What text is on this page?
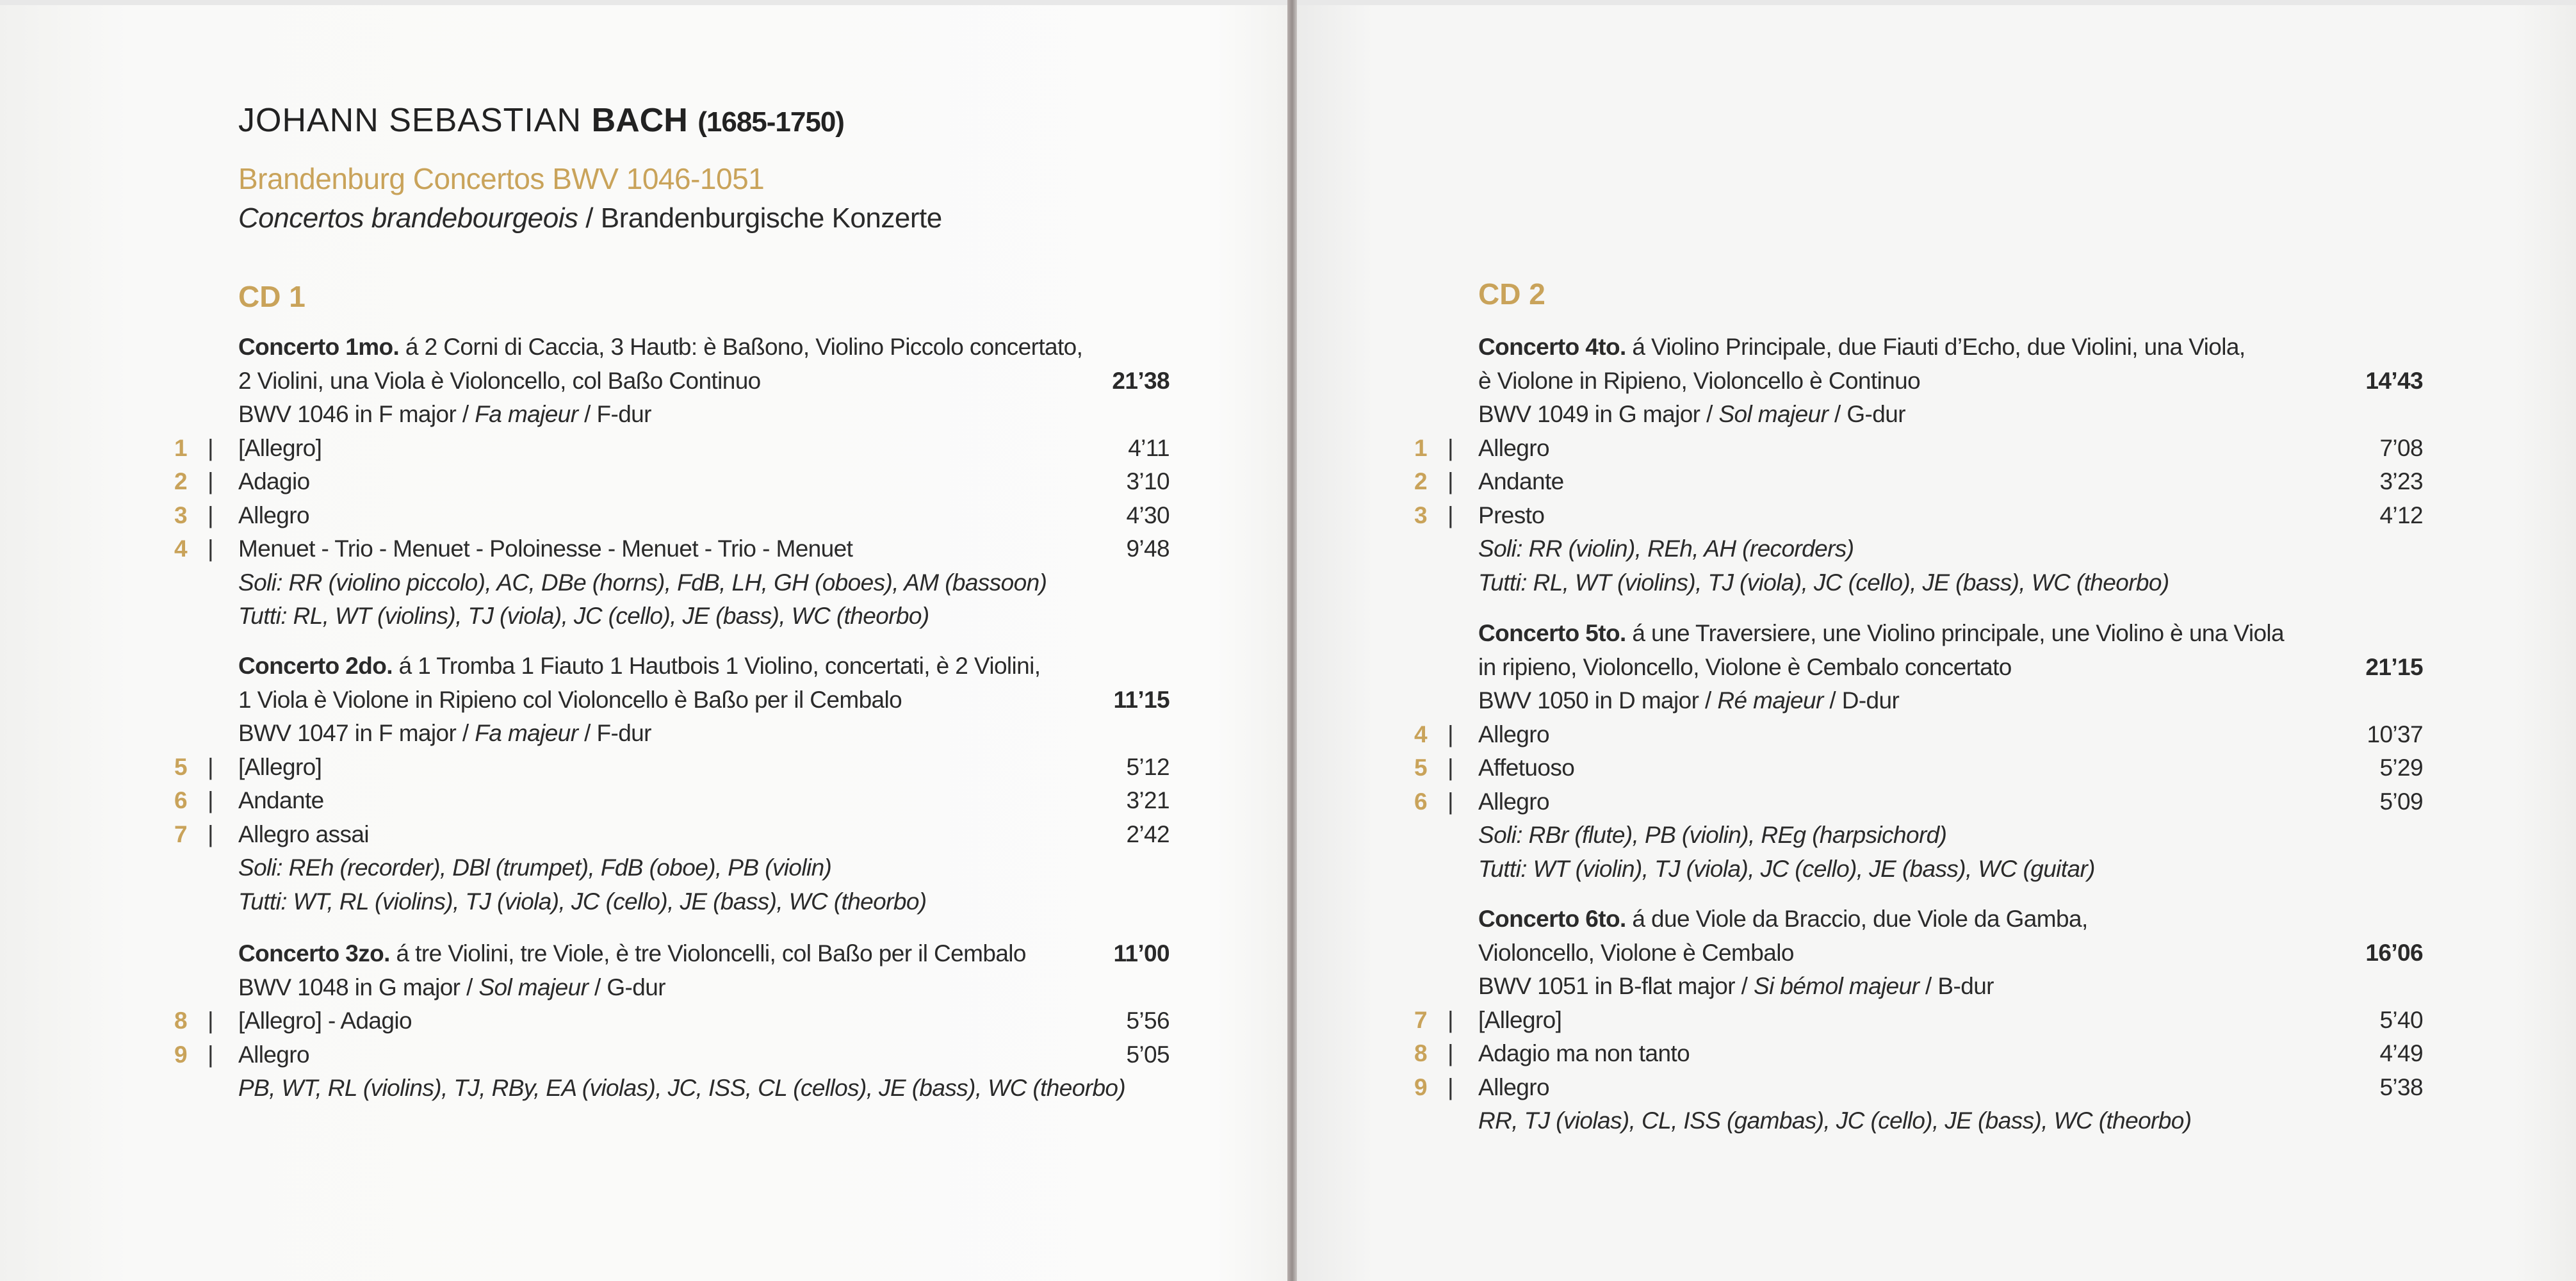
JOHANN SEBASTIAN BACH (1685-1750)
Brandenburg Concertos BWV 1046-1051
Concertos brandebourgeois / Brandenburgische Konzerte
CD 1
Concerto 1mo. á 2 Corni di Caccia, 3 Hautb: è Baßono, Violino Piccolo concertato,
2 Violini, una Viola è Violoncello, col Baßo Continuo	21’38
BWV 1046 in F major / Fa majeur / F-dur
1 | [Allegro]	4’11
2 | Adagio	3’10
3 | Allegro	4’30
4 | Menuet - Trio - Menuet - Poloinesse - Menuet - Trio - Menuet	9’48
Soli: RR (violino piccolo), AC, DBe (horns), FdB, LH, GH (oboes), AM (bassoon)
Tutti: RL, WT (violins), TJ (viola), JC (cello), JE (bass), WC (theorbo)
Concerto 2do. á 1 Tromba 1 Fiauto 1 Hautbois 1 Violino, concertati, è 2 Violini,
1 Viola è Violone in Ripieno col Violoncello è Baßo per il Cembalo	11’15
BWV 1047 in F major / Fa majeur / F-dur
5 | [Allegro]	5’12
6 | Andante	3’21
7 | Allegro assai	2’42
Soli: REh (recorder), DBl (trumpet), FdB (oboe), PB (violin)
Tutti: WT, RL (violins), TJ (viola), JC (cello), JE (bass), WC (theorbo)
Concerto 3zo. á tre Violini, tre Viole, è tre Violoncelli, col Baßo per il Cembalo	11’00
BWV 1048 in G major / Sol majeur / G-dur
8 | [Allegro] - Adagio	5’56
9 | Allegro	5’05
PB, WT, RL (violins), TJ, RBy, EA (violas), JC, ISS, CL (cellos), JE (bass), WC (theorbo)
CD 2
Concerto 4to. á Violino Principale, due Fiauti d’Echo, due Violini, una Viola,
è Violone in Ripieno, Violoncello è Continuo	14’43
BWV 1049 in G major / Sol majeur / G-dur
1 | Allegro	7’08
2 | Andante	3’23
3 | Presto	4’12
Soli: RR (violin), REh, AH (recorders)
Tutti: RL, WT (violins), TJ (viola), JC (cello), JE (bass), WC (theorbo)
Concerto 5to. á une Traversiere, une Violino principale, une Violino è una Viola
in ripieno, Violoncello, Violone è Cembalo concertato	21’15
BWV 1050 in D major / Ré majeur / D-dur
4 | Allegro	10’37
5 | Affetuoso	5’29
6 | Allegro	5’09
Soli: RBr (flute), PB (violin), REg (harpsichord)
Tutti: WT (violin), TJ (viola), JC (cello), JE (bass), WC (guitar)
Concerto 6to. á due Viole da Braccio, due Viole da Gamba,
Violoncello, Violone è Cembalo	16’06
BWV 1051 in B-flat major / Si bémol majeur / B-dur
7 | [Allegro]	5’40
8 | Adagio ma non tanto	4’49
9 | Allegro	5’38
RR, TJ (violas), CL, ISS (gambas), JC (cello), JE (bass), WC (theorbo)
